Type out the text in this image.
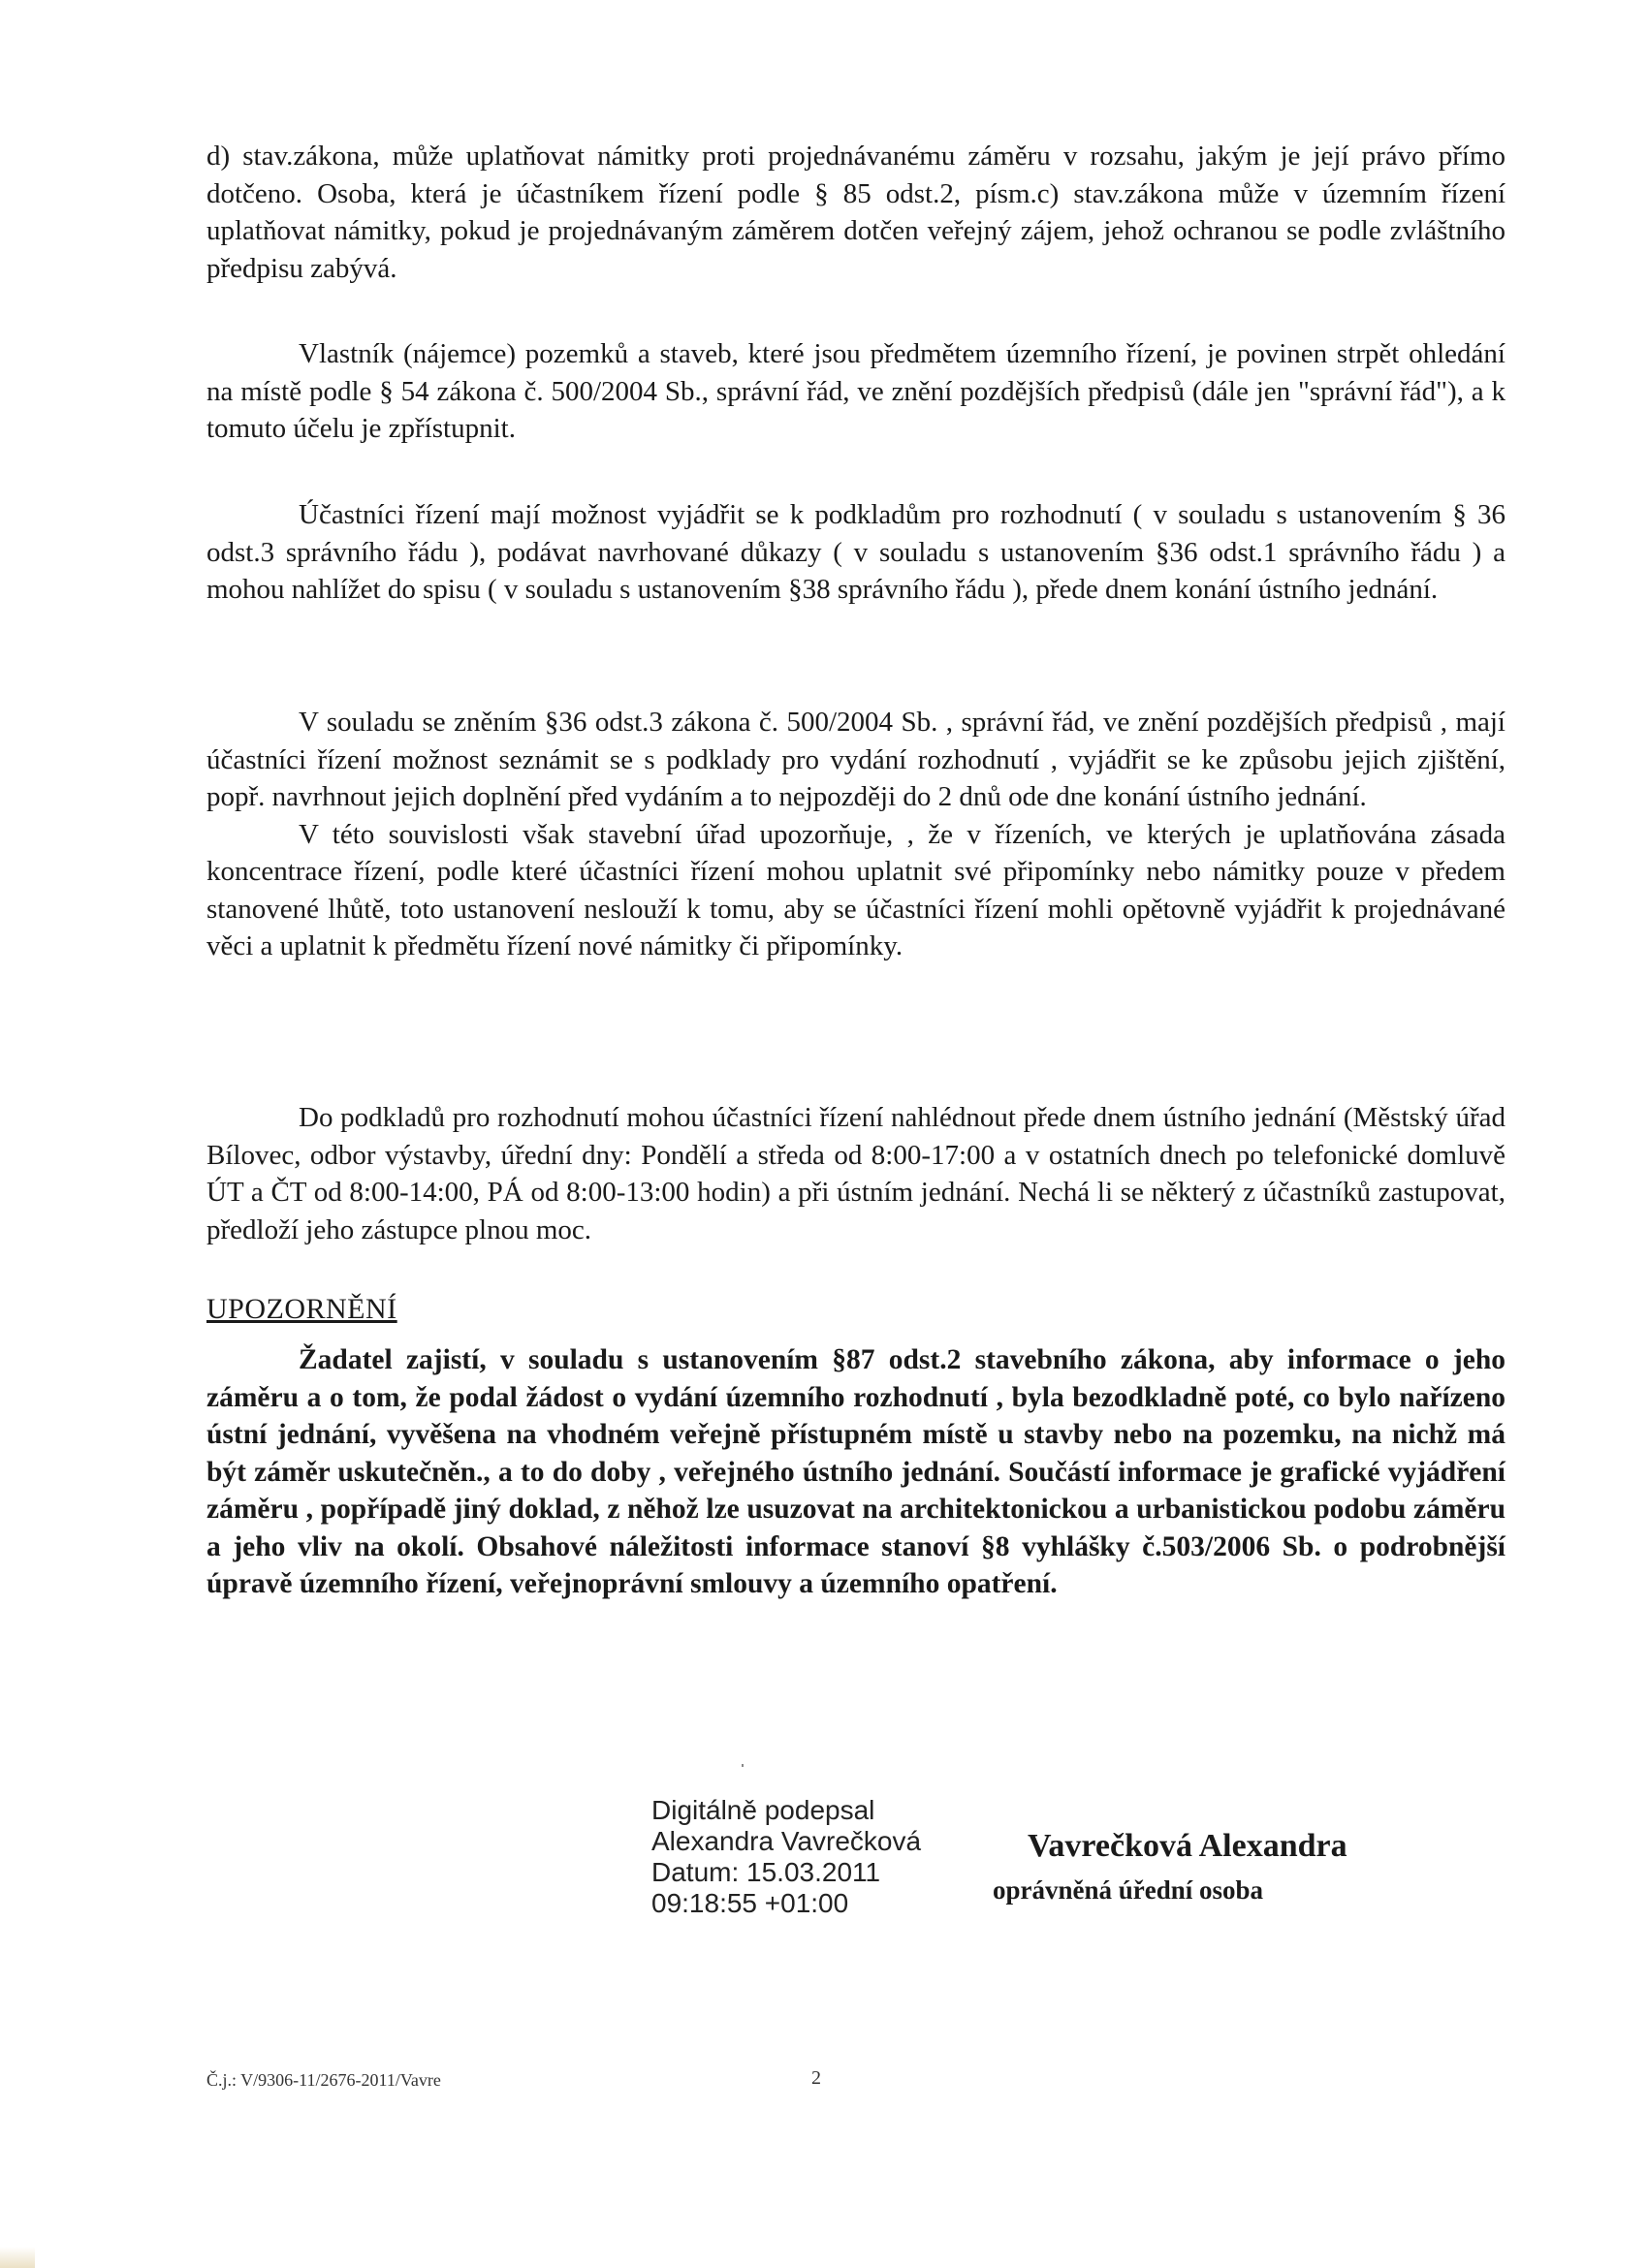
d) stav.zákona, může uplatňovat námitky proti projednávanému záměru v rozsahu, jakým je její právo přímo dotčeno. Osoba, která je účastníkem řízení podle § 85 odst.2, písm.c) stav.zákona může v územním řízení uplatňovat námitky, pokud je projednávaným záměrem dotčen veřejný zájem, jehož ochranou se podle zvláštního předpisu zabývá.

Vlastník (nájemce) pozemků a staveb, které jsou předmětem územního řízení, je povinen strpět ohledání na místě podle § 54 zákona č. 500/2004 Sb., správní řád, ve znění pozdějších předpisů (dále jen "správní řád"), a k tomuto účelu je zpřístupnit.

Účastníci řízení mají možnost vyjádřit se k podkladům pro rozhodnutí ( v souladu s ustanovením § 36 odst.3 správního řádu ), podávat navrhované důkazy ( v souladu s ustanovením §36 odst.1 správního řádu ) a mohou nahlížet do spisu ( v souladu s ustanovením §38 správního řádu ), přede dnem konání ústního jednání.

V souladu se zněním §36 odst.3 zákona č. 500/2004 Sb. , správní řád, ve znění pozdějších předpisů , mají účastníci řízení možnost seznámit se s podklady pro vydání rozhodnutí , vyjádřit se ke způsobu jejich zjištění, popř. navrhnout jejich doplnění před vydáním a to nejpozději do 2 dnů ode dne konání ústního jednání.

V této souvislosti však stavební úřad upozorňuje, , že v řízeních, ve kterých je uplatňována zásada koncentrace řízení, podle které účastníci řízení mohou uplatnit své připomínky nebo námitky pouze v předem stanovené lhůtě, toto ustanovení neslouží k tomu, aby se účastníci řízení mohli opětovně vyjádřit k projednávané věci a uplatnit k předmětu řízení nové námitky či připomínky.

Do podkladů pro rozhodnutí mohou účastníci řízení nahlédnout přede dnem ústního jednání (Městský úřad Bílovec, odbor výstavby, úřední dny: Pondělí a středa od 8:00-17:00 a v ostatních dnech po telefonické domluvě ÚT a ČT od 8:00-14:00, PÁ od 8:00-13:00 hodin) a při ústním jednání. Nechá li se některý z účastníků zastupovat, předloží jeho zástupce plnou moc.

UPOZORNĚNÍ

Žadatel zajistí, v souladu s ustanovením §87 odst.2 stavebního zákona, aby informace o jeho záměru a o tom, že podal žádost o vydání územního rozhodnutí , byla bezodkladně poté, co bylo nařízeno ústní jednání, vyvěšena na vhodném veřejně přístupném místě u stavby nebo na pozemku, na nichž má být záměr uskutečněn., a to do doby , veřejného ústního jednání. Součástí informace je grafické vyjádření záměru , popřípadě jiný doklad, z něhož lze usuzovat na architektonickou a urbanistickou podobu záměru a jeho vliv na okolí. Obsahové náležitosti informace stanoví §8 vyhlášky č.503/2006 Sb. o podrobnější úpravě územního řízení, veřejnoprávní smlouvy a územního opatření.

Digitálně podepsal
Alexandra Vavrečková
Datum: 15.03.2011
09:18:55 +01:00
Vavrečková Alexandra
oprávněná úřední osoba
Č.j.: V/9306-11/2676-2011/Vavre	2
